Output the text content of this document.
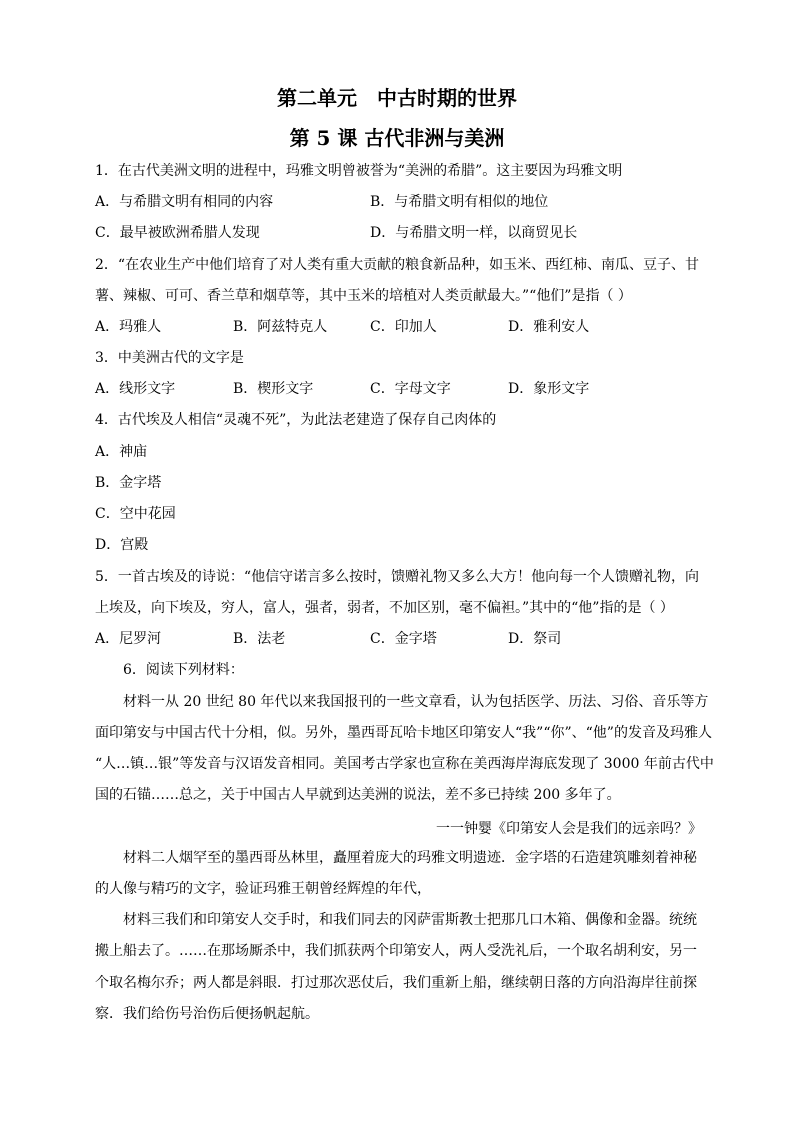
第二单元　中古时期的世界
第 5 课 古代非洲与美洲
1．在古代美洲文明的进程中，玛雅文明曾被誉为“美洲的希腊”。这主要因为玛雅文明
A．与希腊文明有相同的内容	B．与希腊文明有相似的地位
C．最早被欧洲希腊人发现	D．与希腊文明一样，以商贸见长
2．“在农业生产中他们培育了对人类有重大贡献的粮食新品种，如玉米、西红柿、南瓜、豆子、甘
薯、辣椒、可可、香兰草和烟草等，其中玉米的培植对人类贡献最大。”“他们”是指（ ）
A．玛雅人	B．阿兹特克人	C．印加人	D．雅利安人
3．中美洲古代的文字是
A．线形文字	B．楔形文字	C．字母文字	D．象形文字
4．古代埃及人相信“灵魂不死”，为此法老建造了保存自己肉体的
A．神庙
B．金字塔
C．空中花园
D．宫殿
5．一首古埃及的诗说：“他信守诺言多么按时，馈赠礼物又多么大方！他向每一个人馈赠礼物，向
上埃及，向下埃及，穷人，富人，强者，弱者，不加区别，毫不偏袒。”其中的“他”指的是（ ）
A．尼罗河	B．法老	C．金字塔	D．祭司
6．阅读下列材料：
材料一从 20 世纪 80 年代以来我国报刊的一些文章看，认为包括医学、历法、习俗、音乐等方
面印第安与中国古代十分相，似。另外，墨西哥瓦哈卡地区印第安人“我”“你”、“他”的发音及玛雅人
“人…镇…银”等发音与汉语发音相同。美国考古学家也宣称在美西海岸海底发现了 3000 年前古代中
国的石锚……总之，关于中国古人早就到达美洲的说法，差不多已持续 200 多年了。
一一钟婴《印第安人会是我们的远亲吗？》
材料二人烟罕至的墨西哥丛林里，矗厘着庞大的玛雅文明遗迹．金字塔的石造建筑雕刻着神秘
的人像与精巧的文字，验证玛雅王朝曾经辉煌的年代，
材料三我们和印第安人交手时，和我们同去的冈萨雷斯教士把那几口木箱、偶像和金器。统统
搬上船去了。……在那场厮杀中，我们抓获两个印第安人，两人受洗礼后，一个取名胡利安，另一
个取名梅尔乔；两人都是斜眼．打过那次恶仗后，我们重新上船，继续朝日落的方向沿海岸往前探
察．我们给伤号治伤后便扬帆起航。
